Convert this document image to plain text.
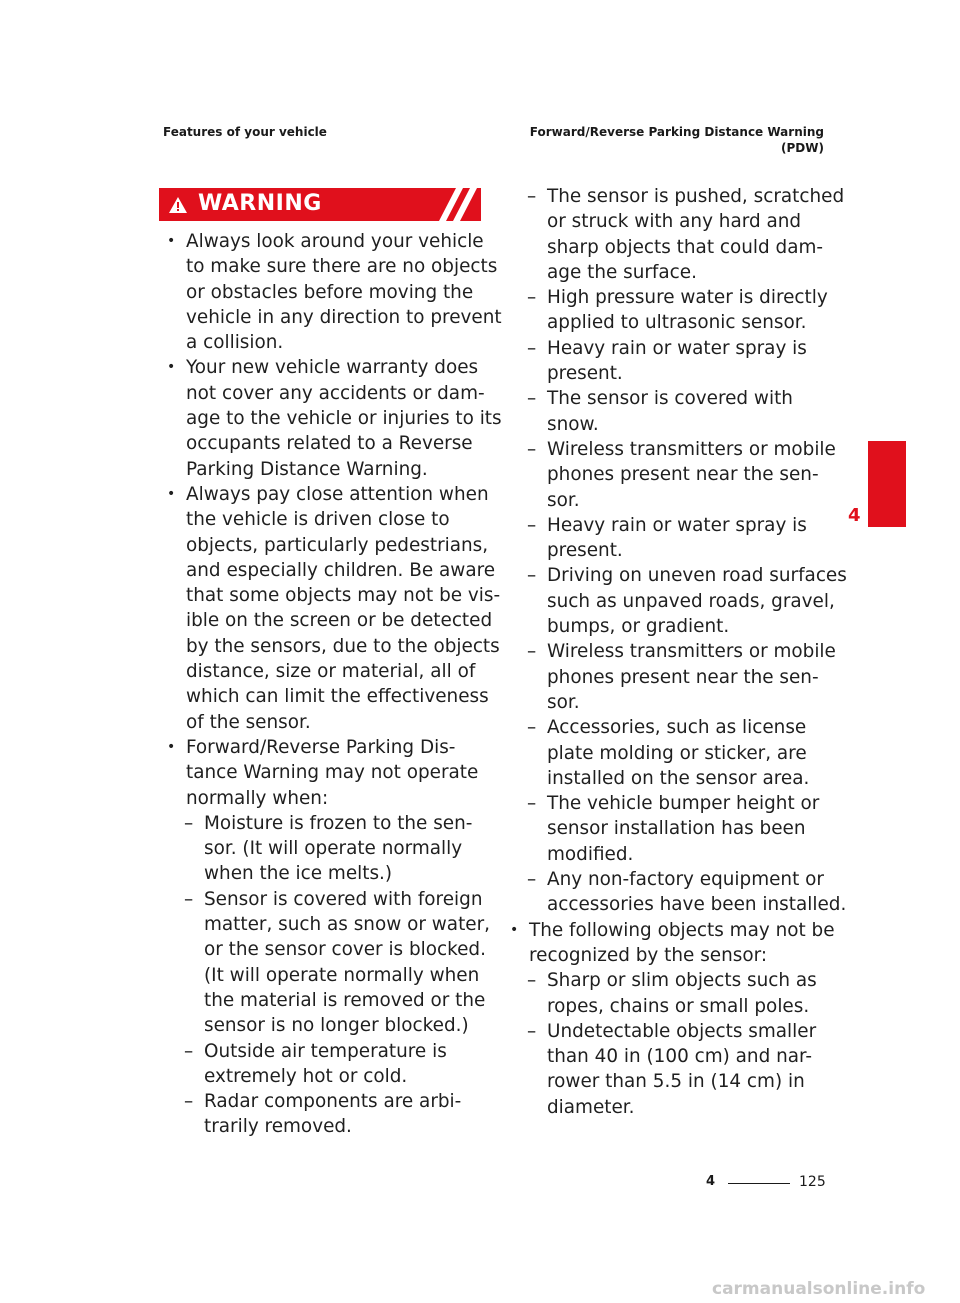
Features of your vehicle	Forward/Reverse Parking Distance Warning
(PDW)
WARNING
• Always look around your vehicle
to make sure there are no objects
or obstacles before moving the
vehicle in any direction to prevent
a collision.
• Your new vehicle warranty does
not cover any accidents or dam-
age to the vehicle or injuries to its
occupants related to a Reverse
Parking Distance Warning.
• Always pay close attention when
the vehicle is driven close to
objects, particularly pedestrians,
and especially children. Be aware
that some objects may not be vis-
ible on the screen or be detected
by the sensors, due to the objects
distance, size or material, all of
which can limit the effectiveness
of the sensor.
• Forward/Reverse Parking Dis-
tance Warning may not operate
normally when:
– Moisture is frozen to the sen-
sor. (It will operate normally
when the ice melts.)
– Sensor is covered with foreign
matter, such as snow or water,
or the sensor cover is blocked.
(It will operate normally when
the material is removed or the
sensor is no longer blocked.)
– Outside air temperature is
extremely hot or cold.
– Radar components are arbi-
trarily removed.
– The sensor is pushed, scratched
or struck with any hard and
sharp objects that could dam-
age the surface.
– High pressure water is directly
applied to ultrasonic sensor.
– Heavy rain or water spray is
present.
– The sensor is covered with
snow.
– Wireless transmitters or mobile
phones present near the sen-
sor.
– Heavy rain or water spray is
present.
– Driving on uneven road surfaces
such as unpaved roads, gravel,
bumps, or gradient.
– Wireless transmitters or mobile
phones present near the sen-
sor.
– Accessories, such as license
plate molding or sticker, are
installed on the sensor area.
– The vehicle bumper height or
sensor installation has been
modified.
– Any non-factory equipment or
accessories have been installed.
• The following objects may not be
recognized by the sensor:
– Sharp or slim objects such as
ropes, chains or small poles.
– Undetectable objects smaller
than 40 in (100 cm) and nar-
rower than 5.5 in (14 cm) in
diameter.
4
4	125
carmanualsonline.info
